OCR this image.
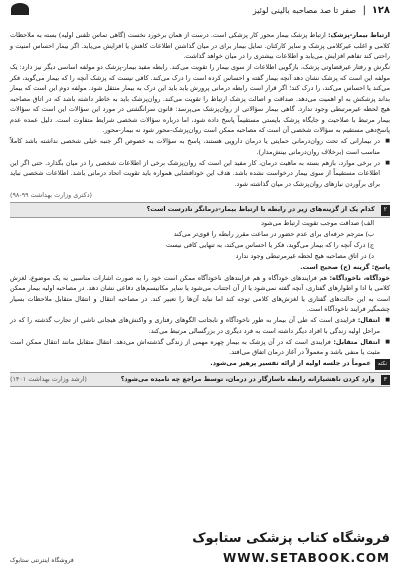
۱۲۸
|
صفر تا صد مصاحبه بالینی لوئیز

ارتباط بیمار-پزشک: ارتباط پزشک بیمار محور کار پزشکی است. درست از همان برخورد نخست (گاهی تماس تلفنی اولیه) بسته به ملاحظات کلامی و اغلب غیرکلامی پزشک و سایر کارکنان. تمایل بیمار برای در میان گذاشتن اطلاعات کاهش یا افزایش می‌یابد. اگر بیمار احساس امنیت و راحتی کند تفاهم افزایش می‌یابد و اطلاعات بیشتری را در میان خواهد گذاشت.

نگرش و رفتار غیرقضاوتی پزشک، بازگویی اطلاعات از سوی بیمار را تقویت می‌کند. رابطه مفید بیمار-پزشک دو مولفه اساسی دیگر نیز دارد: یک مولفه این است که پزشک نشان دهد آنچه بیمار گفته و احساس کرده است را درک می‌کند. کافی نیست که پزشک آنچه را که بیمار می‌گوید، فکر می‌کند یا احساس می‌کند، را درک کند؛ اگر قرار است رابطه درمانی پرورش یابد باید این درک به بیمار منتقل شود. مولفه دوم این است که بیمار بداند پزشکش به او اهمیت می‌دهد. صداقت و اصالت پزشک ارتباط را تقویت می‌کند. روان‌پزشک باید به خاطر داشته باشد که در اتاق مصاحبه هیچ لحظه غیرمرتبطی وجود ندارد. گاهی بیمار سؤالاتی از روان‌پزشک می‌پرسد: قانون سرانگشتی در مورد این سؤالات این است که سؤالات بیمار مرتبط با صلاحیت و جایگاه پزشک بایستی مستقیماً پاسخ داده شود، اما درباره سؤالات شخصی شرایط متفاوت است. دلیل عمده عدم پاسخ‌دهی مستقیم به سؤالات شخصی آن است که مصاحبه ممکن است روان‌پزشک-محور شود نه بیمار-محور.

■ در بیمارانی که تحت روان‌درمانی حمایتی یا درمان دارویی هستند، پاسخ به سؤالات به خصوص اگر جنبه خیلی شخصی نداشته باشد کاملاً مناسب است (برخلاف روان‌درمانی بینش‌مدار).

■ در برخی موارد، بازهم بسته به ماهیت درمان، کار مفید این است که روان‌پزشک برخی از اطلاعات شخصی را در میان بگذارد. حتی اگر این اطلاعات مستقیماً از سوی بیمار درخواست نشده باشد. هدف این خودافشایی همواره باید تقویت اتحاد درمانی باشد. اطلاعات شخصی نباید برای برآوردن نیازهای روان‌پزشک در میان گذاشته شود.

(دکتری وزارت بهداشت ۹۹-۹۸)

۲ کدام یک از گزینه‌های زیر در رابطه با ارتباط بیمار-درمانگر نادرست است؟

الف) صداقت موجب تقویت ارتباط می‌شود

ب) مترجم حرفه‌ای برای عدم حضور در ساعت مقرر رابطه را قوی‌تر می‌کند

ج) درک آنچه را که بیمار می‌گوید، فکر یا احساس می‌کند، به تنهایی کافی نیست

د) در اتاق مصاحبه هیچ لحظه غیرمرتبطی وجود ندارد

پاسخ: گزینه (ج) صحیح است.

خودآگاه، ناخودآگاه: هم فرایندهای خودآگاه و هم فرایندهای ناخودآگاه ممکن است خود را به صورت اشارات مناسبی به یک موضوع، لغزش کلامی یا ادا و اطوارهای گفتاری، آنچه گفته نمی‌شود یا از آن اجتناب می‌شود یا سایر مکانیسم‌های دفاعی نشان دهد. در مصاحبه اولیه بیمار ممکن است به این حالت‌های گفتاری یا لغزش‌های کلامی توجه کند اما نباید آن‌ها را تعبیر کند. در مصاحبه انتقال و انتقال متقابل ملاحظات بسیار چشمگیر فرایند ناخودآگاه است.

■ انتقال: فرایندی است که طی آن بیمار به طور ناخودآگاه و نابجاتب الگوهای رفتاری و واکنش‌های هیجانی ناشی از تجارب گذشته را که در مراحل اولیه زندگی با افراد دیگر داشته است به فرد دیگری در بزرگسالی مرتبط می‌کند.

■ انتقال متقابل: فرایندی است که در آن پزشک به بیمار چهره مهمی از زندگی گذشته‌اش می‌دهد. انتقال متقابل مانند انتقال ممکن است مثبت یا منفی باشد و معمولاً در آغاز درمان اتفاق می‌افتد.

نکتهعموماً در جلسه اولیه از ارائه تفسیر پرهیز می‌شود.

۳ وارد کردن ناهشیارانه رابطه ناسازگار در درمان، توسط مراجع چه نامیده می‌شود؟
(ارشد وزارت بهداشت ۱۴۰۱)
فروشگاه اینترنتی ستابوک
فروشگاه کتاب پزشکی ستابوک
WWW.SETABOOK.COM
